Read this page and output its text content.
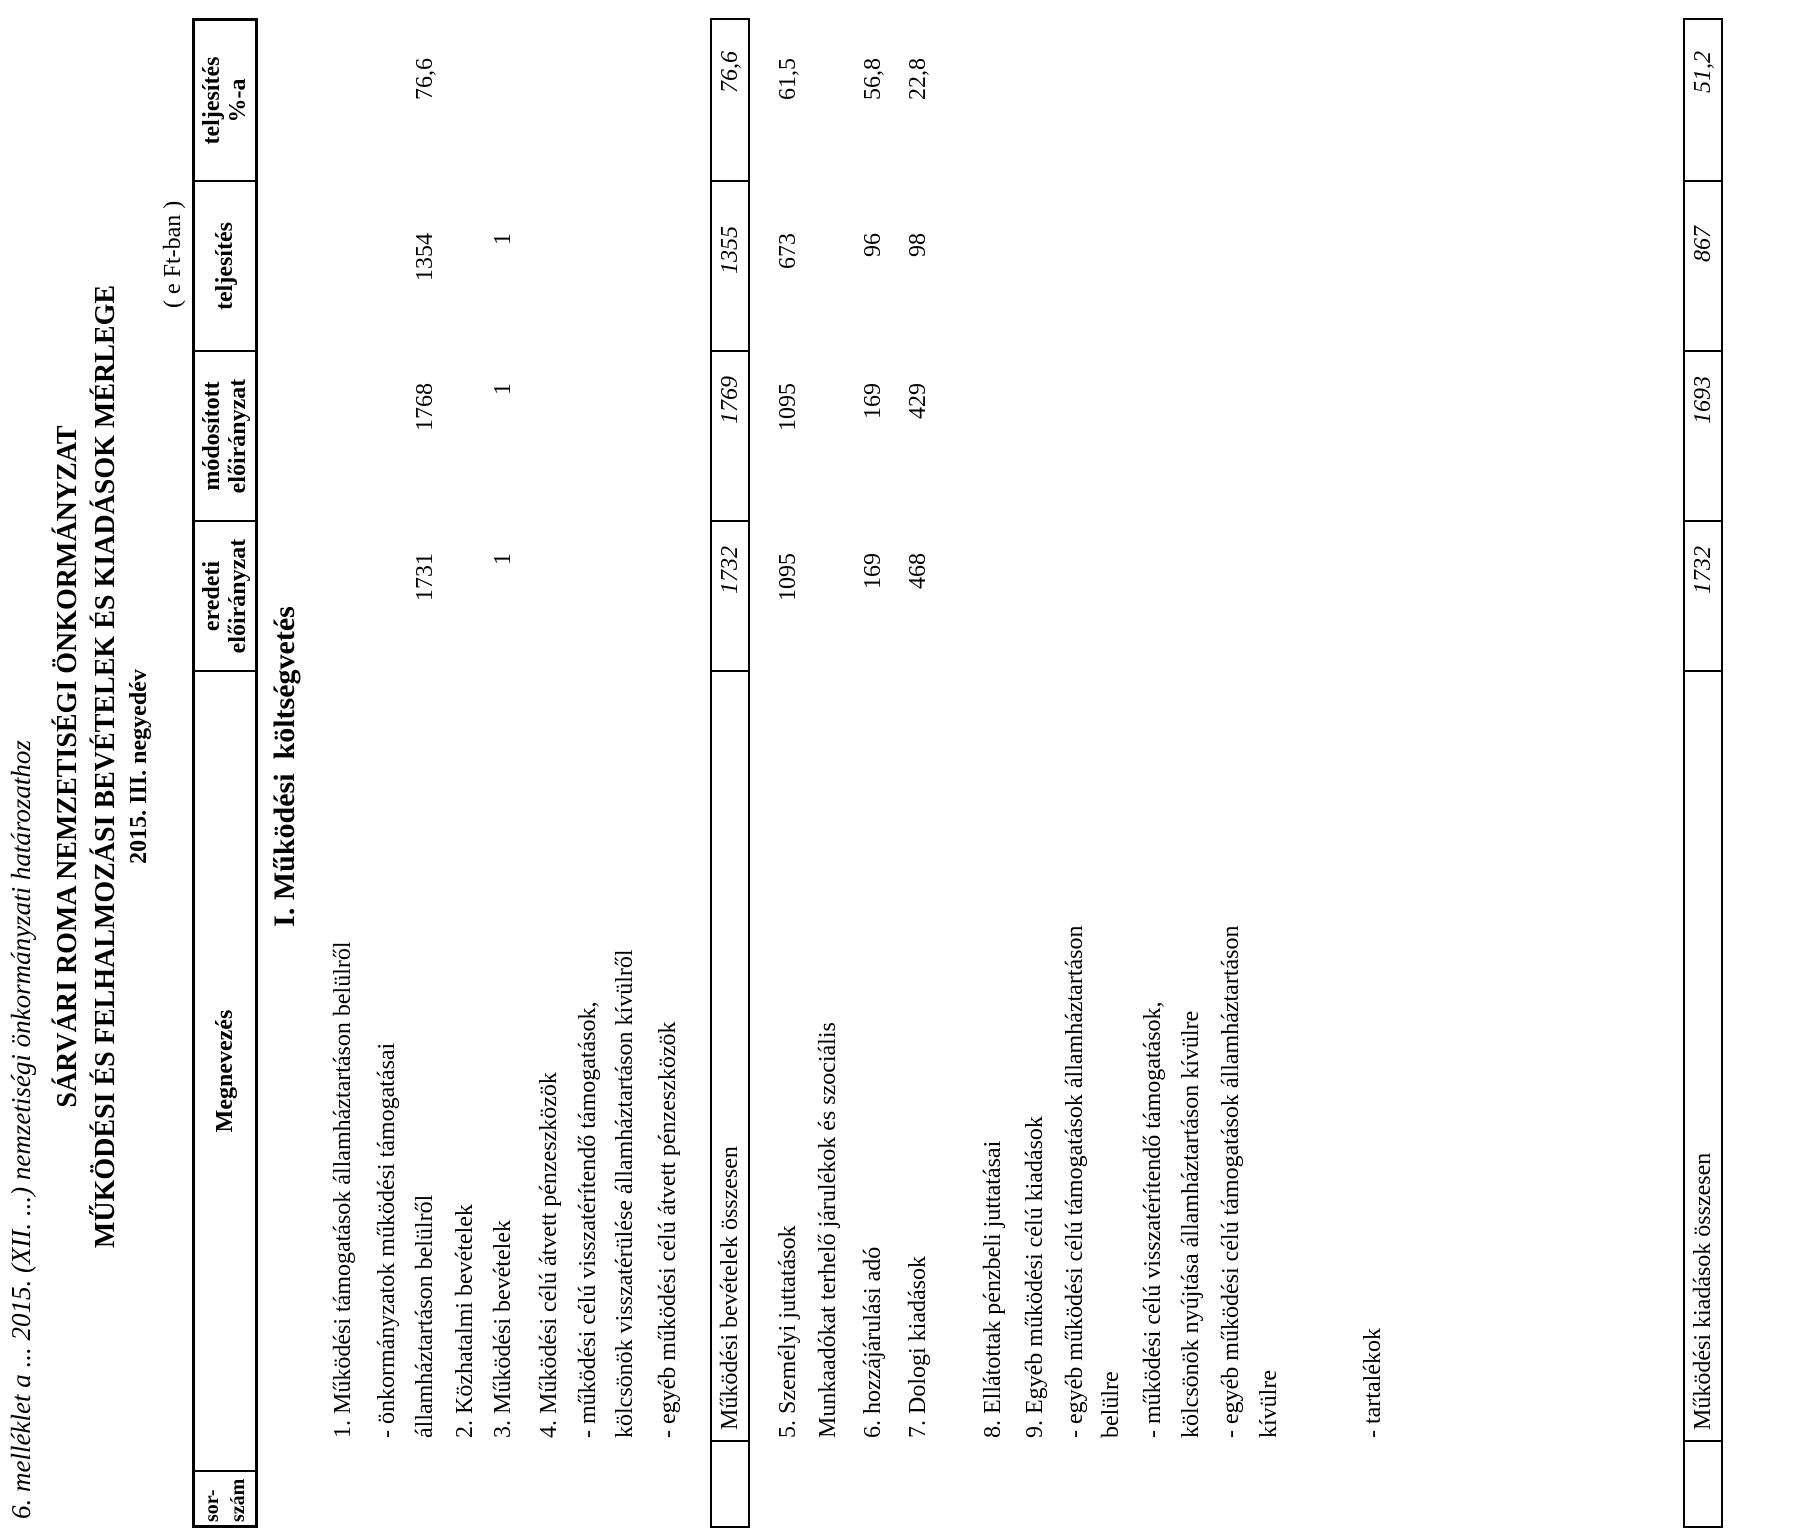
6. melléklet a ... 2015. (XII. ...) nemzetiségi önkormányzati határozathoz SÁRVÁRI ROMA NEMZETISÉGI ÖNKORMÁNYZAT MŰKÖDÉSI ÉS FELHALMOZÁSI BEVÉTELEK ÉS KIADÁSOK MÉRLEGE 2015. III. negyedév
( e Ft-ban )
sor- szám
Megnevezés
eredeti előirányzat
módosított előirányzat
teljesítés
teljesítés %-a
I. Működésiköltségvetés
1. Működési támogatások államháztartáson belülről - önkormányzatok működési támogatásai államháztartáson belülről
1731
1768
1354
76,6
2. Közhatalmi bevételek 3. Működési bevételek
1
1
1
4. Működési célú átvett pénzeszközök - működési célú visszatérítendő támogatások, kölcsönök visszatérülése államháztartáson kívülről - egyéb működési célú átvett pénzeszközök Működési bevételek összesen
1732
1769
1355
76,6
5. Személyi juttatások
1095
1095
673
61,5
Munkaadókat terhelő járulékok és szociális 6. hozzájárulási adó
169
169
96
56,8
7. Dologi kiadások
468
429
98
22,8
8. Ellátottak pénzbeli juttatásai 9. Egyéb működési célú kiadások - egyéb működési célú támogatások államháztartáson belülre - működési célú visszatérítendő támogatások, kölcsönök nyújtása államháztartáson kívülre - egyéb működési célú támogatások államháztartáson kívülre	- tartalékok	Működési kiadások összesen
1732
1693
867
51,2
